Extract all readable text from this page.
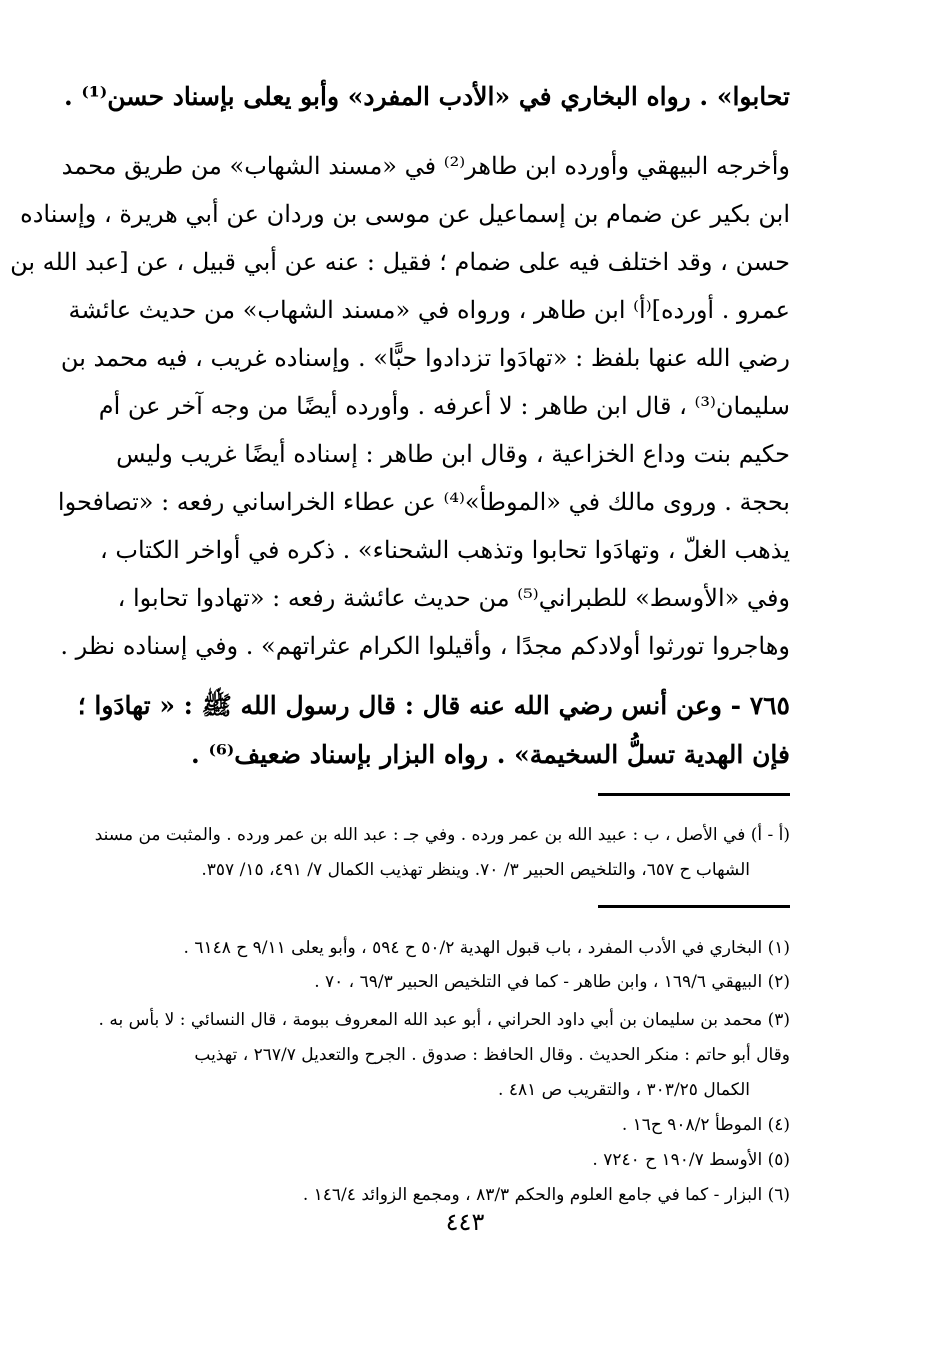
تحابوا» . رواه البخاري في «الأدب المفرد» وأبو يعلى بإسناد حسن⁽¹⁾ .
وأخرجه البيهقي وأورده ابن طاهر⁽²⁾ في «مسند الشهاب» من طريق محمد
ابن بكير عن ضمام بن إسماعيل عن موسى بن وردان عن أبي هريرة ، وإسناده
حسن ، وقد اختلف فيه على ضمام ؛ فقيل : عنه عن أبي قبيل ، عن [عبد الله بن
عمرو . أورده]⁽أ⁾ ابن طاهر ، ورواه في «مسند الشهاب» من حديث عائشة
رضي الله عنها بلفظ : «تهادَوا تزدادوا حبًّا» . وإسناده غريب ، فيه محمد بن
سليمان⁽³⁾ ، قال ابن طاهر : لا أعرفه . وأورده أيضًا من وجه آخر عن أم
حكيم بنت وداع الخزاعية ، وقال ابن طاهر : إسناده أيضًا غريب وليس
بحجة . وروى مالك في «الموطأ»⁽⁴⁾ عن عطاء الخراساني رفعه : «تصافحوا
يذهب الغلّ ، وتهادَوا تحابوا وتذهب الشحناء» . ذكره في أواخر الكتاب ،
وفي «الأوسط» للطبراني⁽⁵⁾ من حديث عائشة رفعه : «تهادوا تحابوا ،
وهاجروا تورثوا أولادكم مجدًا ، وأقيلوا الكرام عثراتهم» . وفي إسناده نظر .
٧٦٥ - وعن أنس رضي الله عنه قال : قال رسول الله ﷺ : « تهادَوا ؛
فإن الهدية تسلُّ السخيمة» . رواه البزار بإسناد ضعيف⁽⁶⁾ .
(أ - أ) في الأصل ، ب : عبيد الله بن عمر ورده . وفي جـ : عبد الله بن عمر ورده . والمثبت من مسند
الشهاب ح ٦٥٧، والتلخيص الحبير ٣/ ٧٠. وينظر تهذيب الكمال ٧/ ٤٩١، ١٥/ ٣٥٧.
(١) البخاري في الأدب المفرد ، باب قبول الهدية ٥٠/٢ ح ٥٩٤ ، وأبو يعلى ٩/١١ ح ٦١٤٨ .
(٢) البيهقي ١٦٩/٦ ، وابن طاهر - كما في التلخيص الحبير ٦٩/٣ ، ٧٠ .
(٣) محمد بن سليمان بن أبي داود الحراني ، أبو عبد الله المعروف ببومة ، قال النسائي : لا بأس به .
وقال أبو حاتم : منكر الحديث . وقال الحافظ : صدوق . الجرح والتعديل ٢٦٧/٧ ، تهذيب
الكمال ٣٠٣/٢٥ ، والتقريب ص ٤٨١ .
(٤) الموطأ ٩٠٨/٢ ح١٦ .
(٥) الأوسط ١٩٠/٧ ح ٧٢٤٠ .
(٦) البزار - كما في جامع العلوم والحكم ٨٣/٣ ، ومجمع الزوائد ١٤٦/٤ .
٤٤٣
